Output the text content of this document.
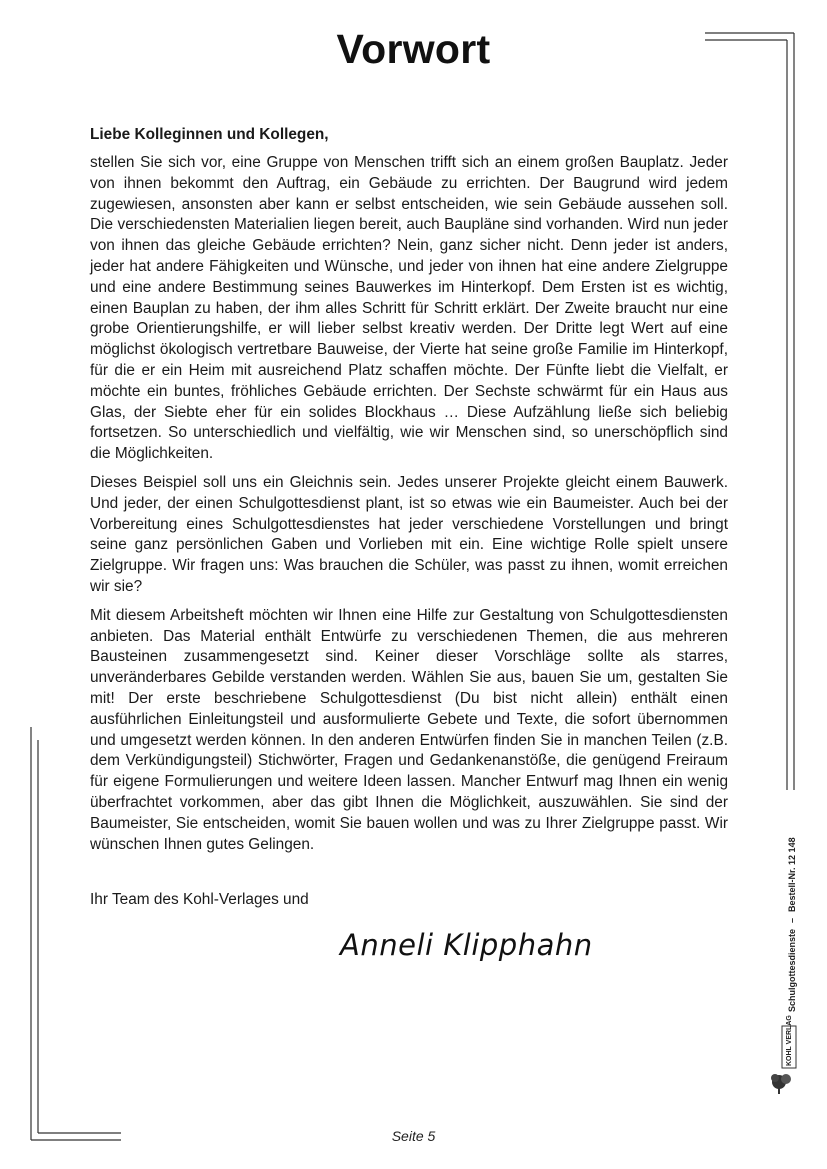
Vorwort

Liebe Kolleginnen und Kollegen,

stellen Sie sich vor, eine Gruppe von Menschen trifft sich an einem großen Bauplatz. Jeder von ihnen bekommt den Auftrag, ein Gebäude zu errichten. Der Baugrund wird jedem zugewiesen, ansonsten aber kann er selbst entscheiden, wie sein Gebäude aussehen soll. Die verschiedensten Materialien liegen bereit, auch Baupläne sind vorhanden. Wird nun jeder von ihnen das gleiche Gebäude errichten? Nein, ganz sicher nicht. Denn jeder ist anders, jeder hat andere Fähigkeiten und Wünsche, und jeder von ihnen hat eine andere Zielgruppe und eine andere Bestimmung seines Bauwerkes im Hinterkopf. Dem Ersten ist es wichtig, einen Bauplan zu haben, der ihm alles Schritt für Schritt erklärt. Der Zweite braucht nur eine grobe Orientierungshilfe, er will lieber selbst kreativ werden. Der Dritte legt Wert auf eine möglichst ökologisch vertretbare Bauweise, der Vierte hat seine große Familie im Hinterkopf, für die er ein Heim mit ausreichend Platz schaffen möchte. Der Fünfte liebt die Vielfalt, er möchte ein buntes, fröhliches Gebäude errichten. Der Sechste schwärmt für ein Haus aus Glas, der Siebte eher für ein solides Blockhaus … Diese Aufzählung ließe sich beliebig fortsetzen. So unterschiedlich und vielfältig, wie wir Menschen sind, so unerschöpflich sind die Möglichkeiten.

Dieses Beispiel soll uns ein Gleichnis sein. Jedes unserer Projekte gleicht einem Bauwerk. Und jeder, der einen Schulgottesdienst plant, ist so etwas wie ein Baumeister. Auch bei der Vorbereitung eines Schulgottesdienstes hat jeder verschiedene Vorstellungen und bringt seine ganz persönlichen Gaben und Vorlieben mit ein. Eine wichtige Rolle spielt unsere Zielgruppe. Wir fragen uns: Was brauchen die Schüler, was passt zu ihnen, womit erreichen wir sie?

Mit diesem Arbeitsheft möchten wir Ihnen eine Hilfe zur Gestaltung von Schulgottesdiensten anbieten. Das Material enthält Entwürfe zu verschiedenen Themen, die aus mehreren Bausteinen zusammengesetzt sind. Keiner dieser Vorschläge sollte als starres, unveränderbares Gebilde verstanden werden. Wählen Sie aus, bauen Sie um, gestalten Sie mit! Der erste beschriebene Schulgottesdienst (Du bist nicht allein) enthält einen ausführlichen Einleitungsteil und ausformulierte Gebete und Texte, die sofort übernommen und umgesetzt werden können. In den anderen Entwürfen finden Sie in manchen Teilen (z.B. dem Verkündigungsteil) Stichwörter, Fragen und Gedankenanstöße, die genügend Freiraum für eigene Formulierungen und weitere Ideen lassen. Mancher Entwurf mag Ihnen ein wenig überfrachtet vorkommen, aber das gibt Ihnen die Möglichkeit, auszuwählen. Sie sind der Baumeister, Sie entscheiden, womit Sie bauen wollen und was zu Ihrer Zielgruppe passt. Wir wünschen Ihnen gutes Gelingen.

Ihr Team des Kohl-Verlages und

Anneli Klipphahn	Schulgottesdienste–Bestell-Nr. 12 148
KOHL VERLAG
Seite 5
